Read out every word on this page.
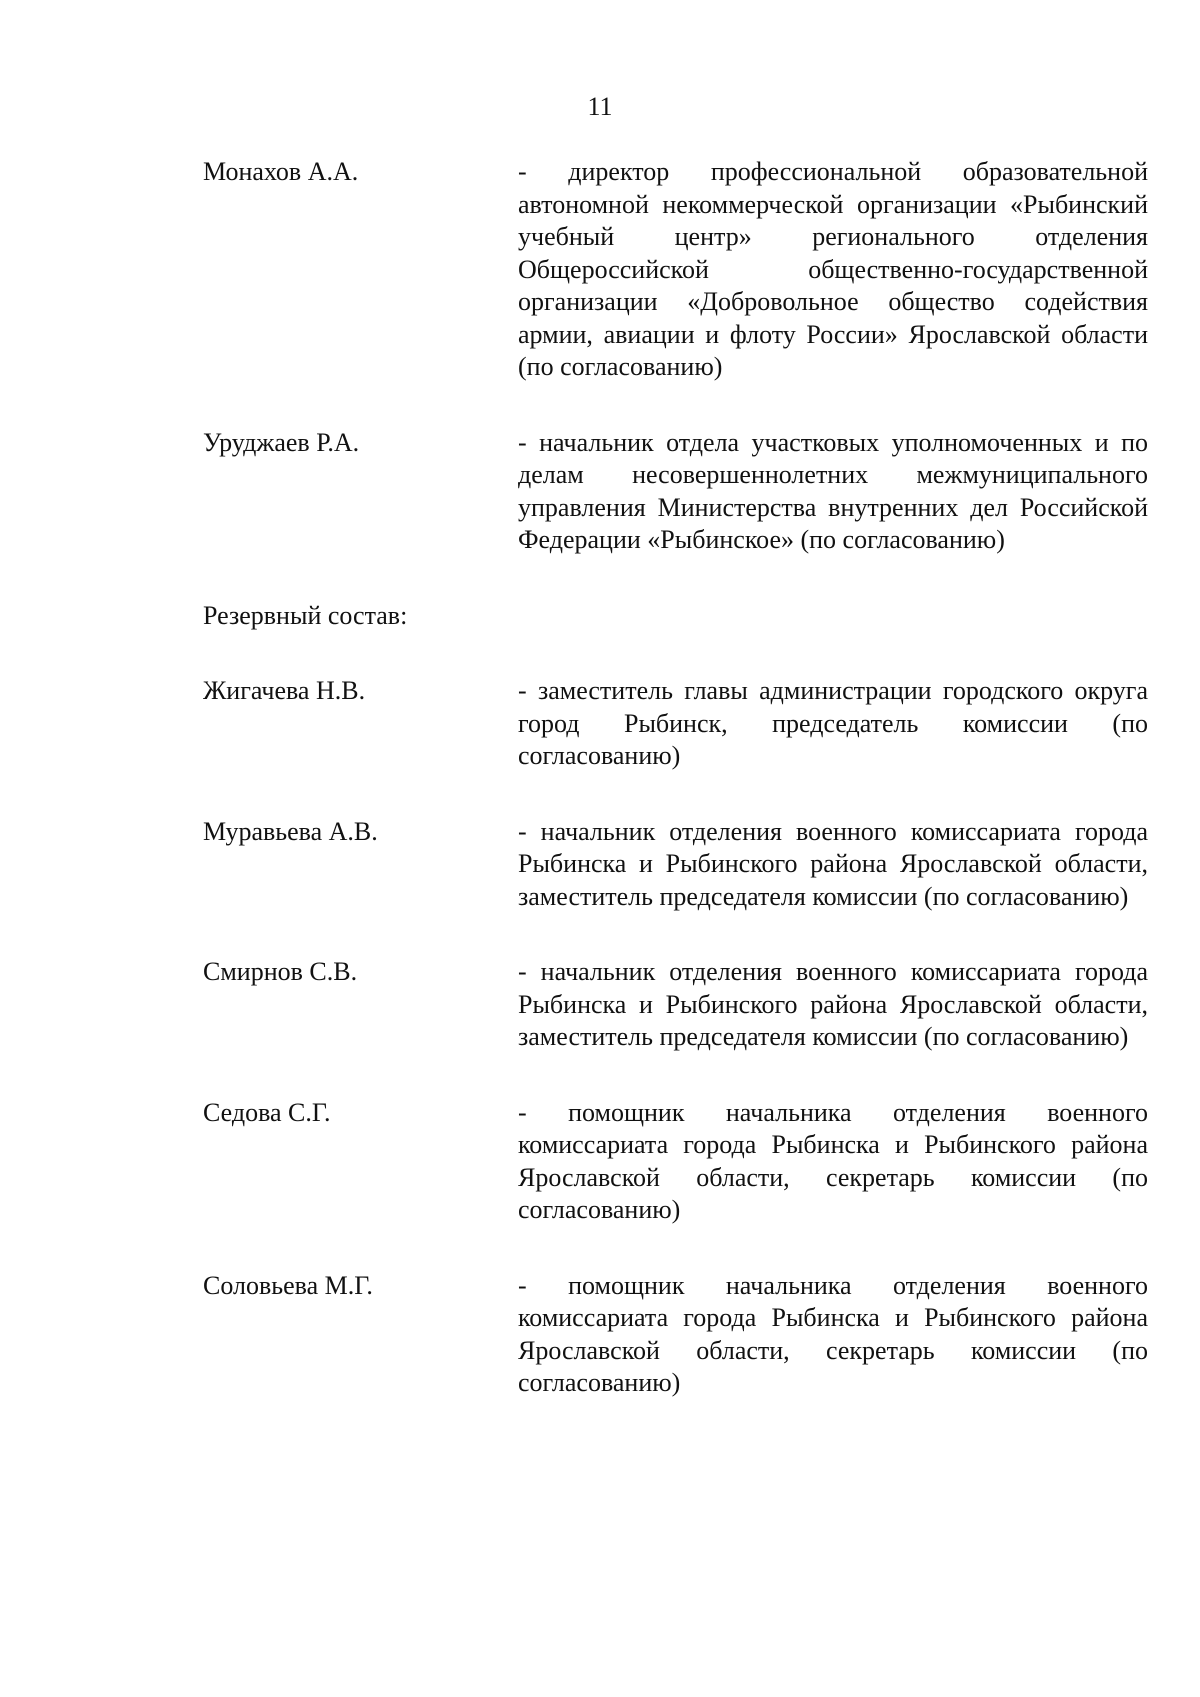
11
Монахов А.А.	- директор профессиональной образовательной автономной некоммерческой организации «Рыбинский учебный центр» регионального отделения Общероссийской общественно-государственной организации «Добровольное общество содействия армии, авиации и флоту России» Ярославской области (по согласованию)
Уруджаев Р.А.	- начальник отдела участковых уполномоченных и по делам несовершеннолетних межмуниципального управления Министерства внутренних дел Российской Федерации «Рыбинское» (по согласованию)
Резервный состав:
Жигачева Н.В.	- заместитель главы администрации городского округа город Рыбинск, председатель комиссии (по согласованию)
Муравьева А.В.	- начальник отделения военного комиссариата города Рыбинска и Рыбинского района Ярославской области, заместитель председателя комиссии (по согласованию)
Смирнов С.В.	- начальник отделения военного комиссариата города Рыбинска и Рыбинского района Ярославской области, заместитель председателя комиссии (по согласованию)
Седова С.Г.	- помощник начальника отделения военного комиссариата города Рыбинска и Рыбинского района Ярославской области, секретарь комиссии (по согласованию)
Соловьева М.Г.	- помощник начальника отделения военного комиссариата города Рыбинска и Рыбинского района Ярославской области, секретарь комиссии (по согласованию)
